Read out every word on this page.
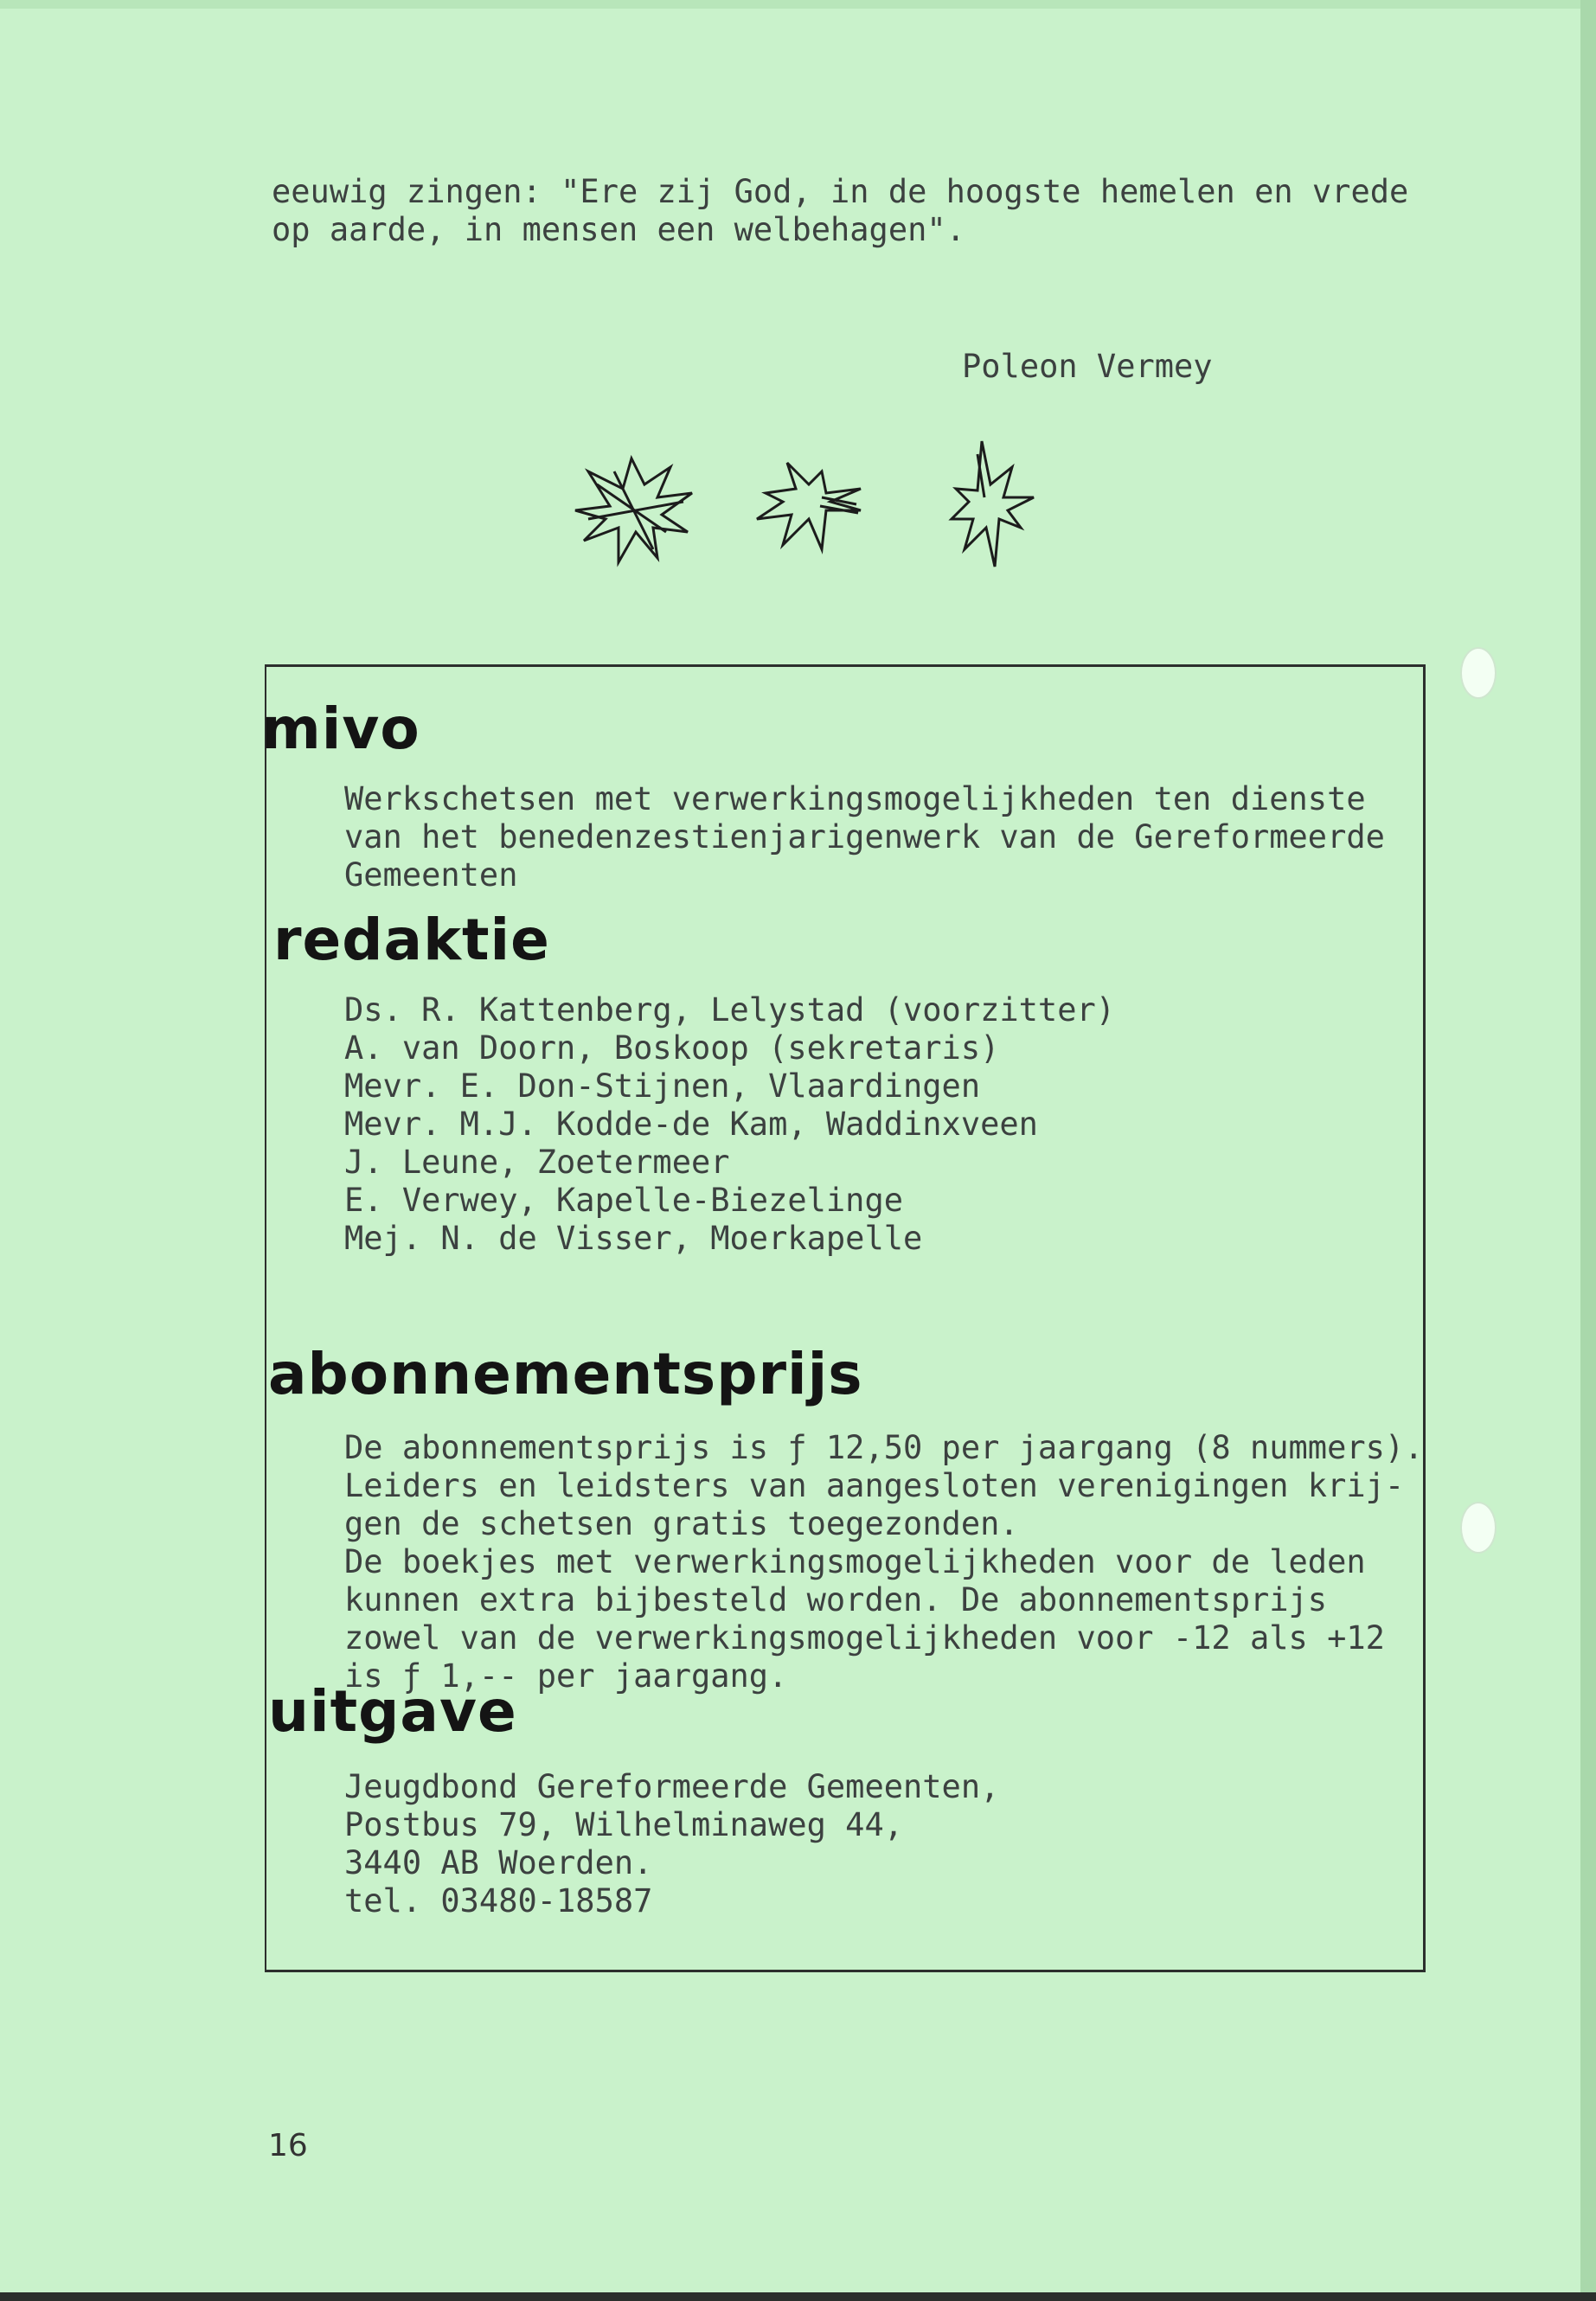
eeuwig zingen: "Ere zij God, in de hoogste hemelen en vrede
op aarde, in mensen een welbehagen".
Poleon Vermey
mivo
Werkschetsen met verwerkingsmogelijkheden ten dienste
van het benedenzestienjarigenwerk van de Gereformeerde
Gemeenten
redaktie
Ds. R. Kattenberg, Lelystad (voorzitter)
A. van Doorn, Boskoop (sekretaris)
Mevr. E. Don-Stijnen, Vlaardingen
Mevr. M.J. Kodde-de Kam, Waddinxveen
J. Leune, Zoetermeer
E. Verwey, Kapelle-Biezelinge
Mej. N. de Visser, Moerkapelle
abonnementsprijs
De abonnementsprijs is ƒ 12,50 per jaargang (8 nummers).
Leiders en leidsters van aangesloten verenigingen krij-
gen de schetsen gratis toegezonden.
De boekjes met verwerkingsmogelijkheden voor de leden
kunnen extra bijbesteld worden. De abonnementsprijs
zowel van de verwerkingsmogelijkheden voor -12 als +12
is ƒ 1,-- per jaargang.
uitgave
Jeugdbond Gereformeerde Gemeenten,
Postbus 79, Wilhelminaweg 44,
3440 AB Woerden.
tel. 03480-18587
16
